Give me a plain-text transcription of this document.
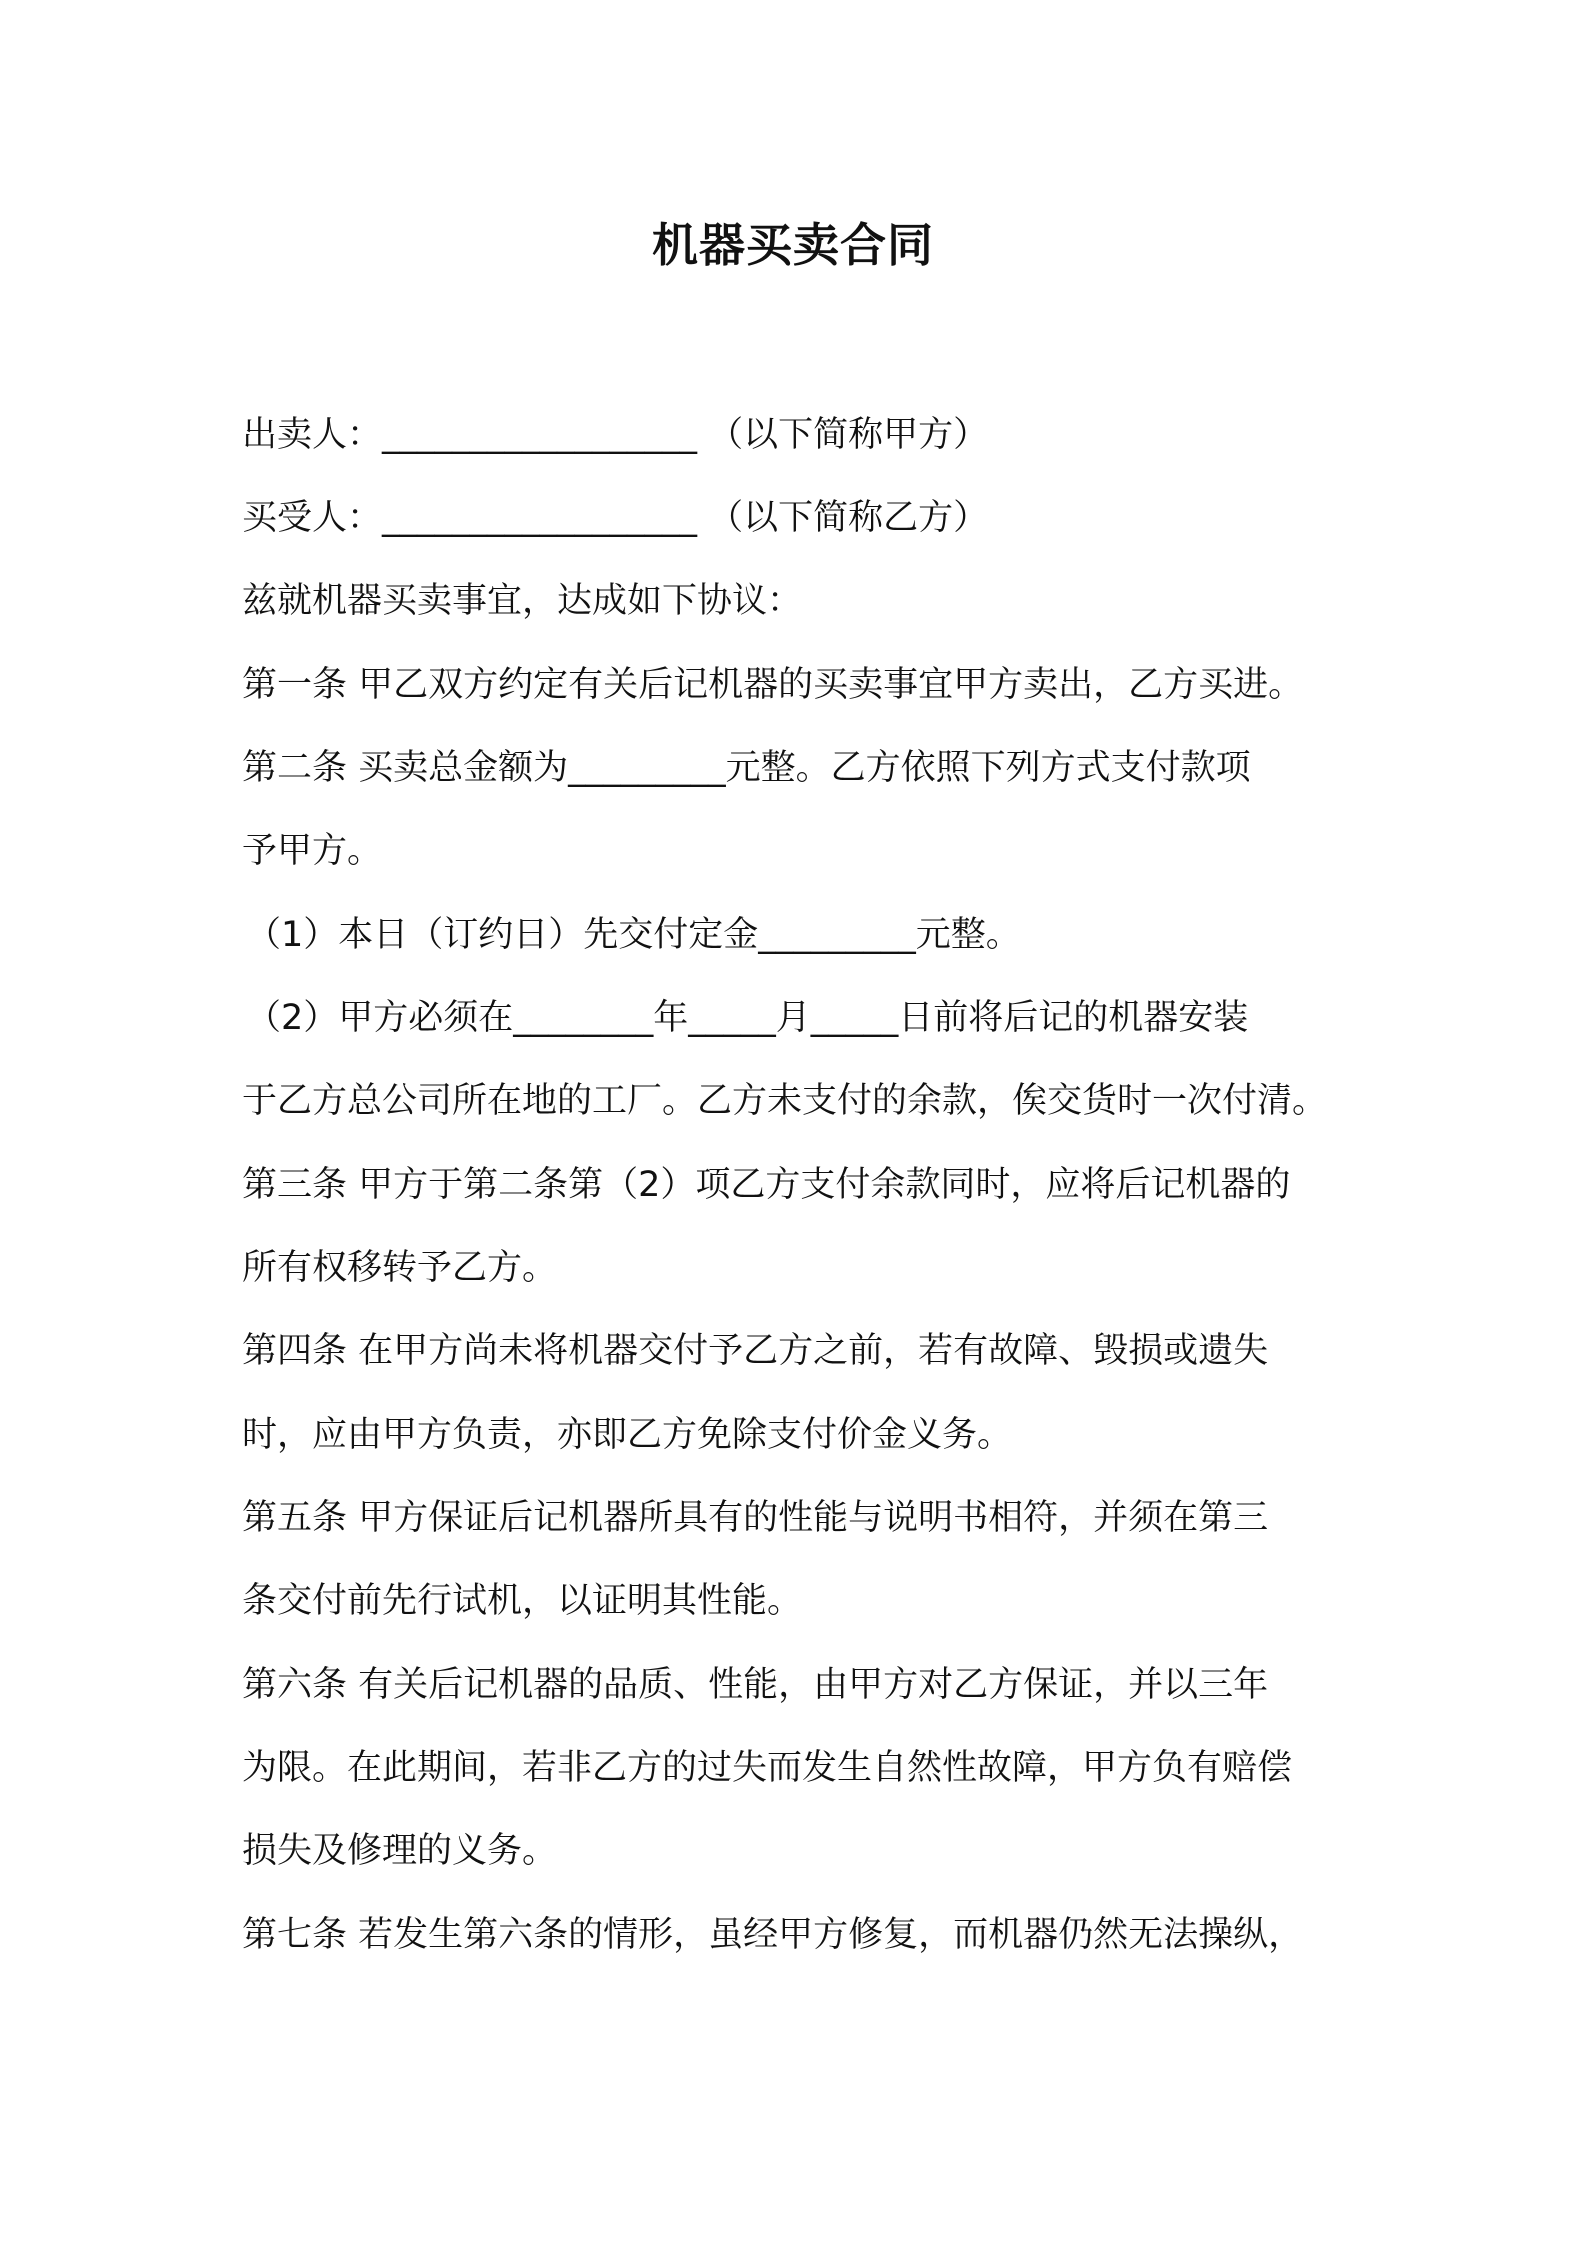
机器买卖合同
出卖人：__________________ （以下简称甲方）
买受人：__________________ （以下简称乙方）
兹就机器买卖事宜，达成如下协议：
第一条 甲乙双方约定有关后记机器的买卖事宜甲方卖出，乙方买进。
第二条 买卖总金额为_________元整。乙方依照下列方式支付款项
予甲方。
（1）本日（订约日）先交付定金_________元整。
（2）甲方必须在________年_____月_____日前将后记的机器安装
于乙方总公司所在地的工厂。乙方未支付的余款，俟交货时一次付清。
第三条 甲方于第二条第（2）项乙方支付余款同时，应将后记机器的
所有权移转予乙方。
第四条 在甲方尚未将机器交付予乙方之前，若有故障、毁损或遗失
时，应由甲方负责，亦即乙方免除支付价金义务。
第五条 甲方保证后记机器所具有的性能与说明书相符，并须在第三
条交付前先行试机，以证明其性能。
第六条 有关后记机器的品质、性能，由甲方对乙方保证，并以三年
为限。在此期间，若非乙方的过失而发生自然性故障，甲方负有赔偿
损失及修理的义务。
第七条 若发生第六条的情形，虽经甲方修复，而机器仍然无法操纵，
